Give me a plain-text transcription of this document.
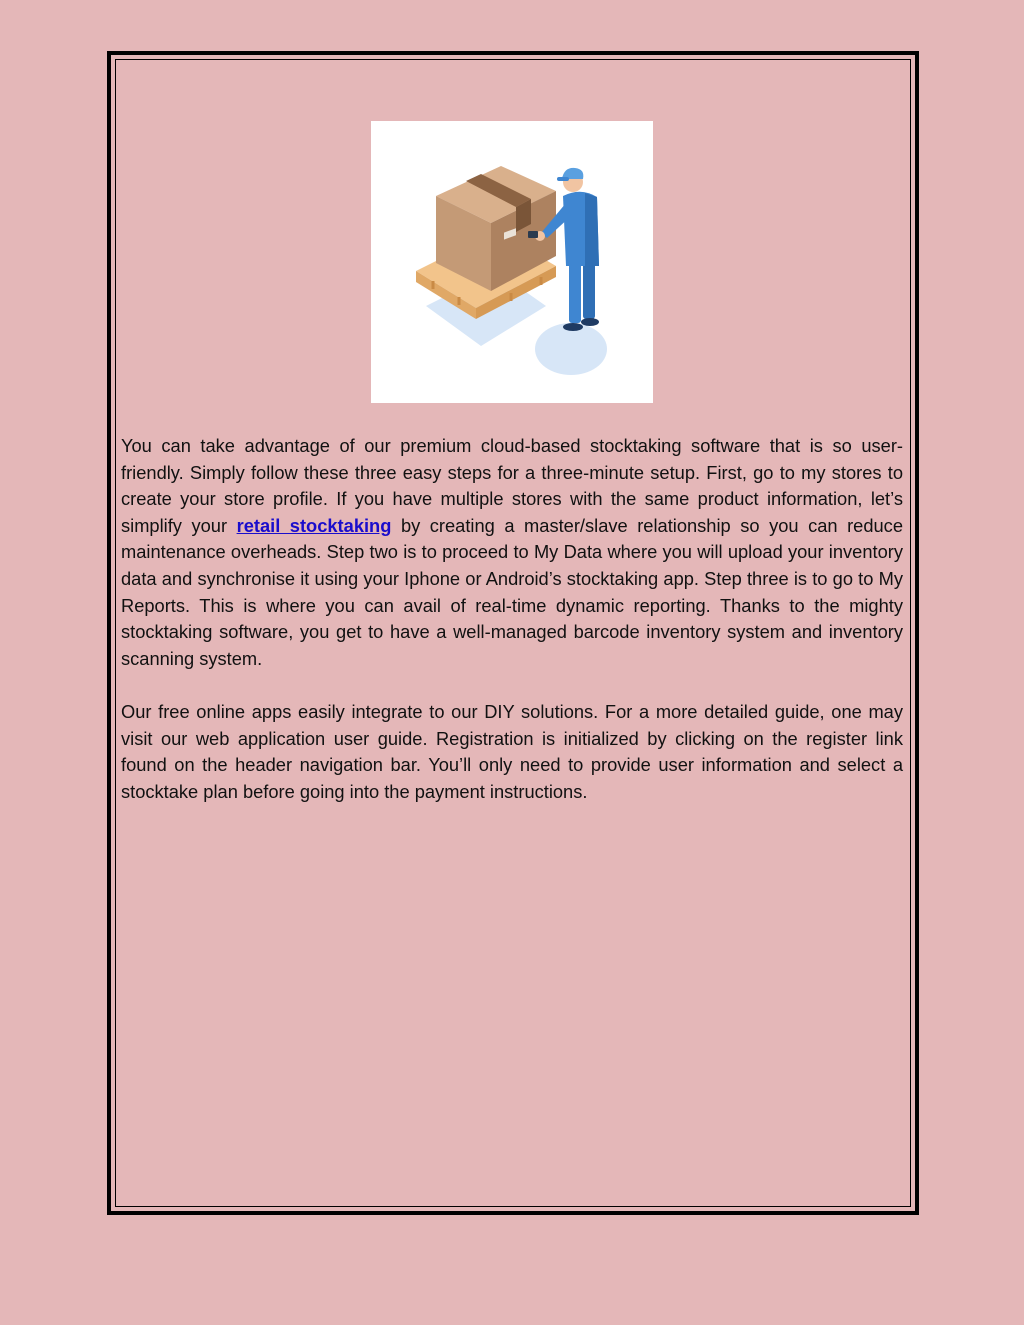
You can take advantage of our premium cloud-based stocktaking software that is so user-friendly. Simply follow these three easy steps for a three-minute setup. First, go to my stores to create your store profile. If you have multiple stores with the same product information, let’s simplify your retail stocktaking by creating a master/slave relationship so you can reduce maintenance overheads. Step two is to proceed to My Data where you will upload your inventory data and synchronise it using your Iphone or Android’s stocktaking app. Step three is to go to My Reports. This is where you can avail of real-time dynamic reporting. Thanks to the mighty stocktaking software, you get to have a well-managed barcode inventory system and inventory scanning system.

Our free online apps easily integrate to our DIY solutions. For a more detailed guide, one may visit our web application user guide. Registration is initialized by clicking on the register link found on the header navigation bar. You’ll only need to provide user information and select a stocktake plan before going into the payment instructions.
